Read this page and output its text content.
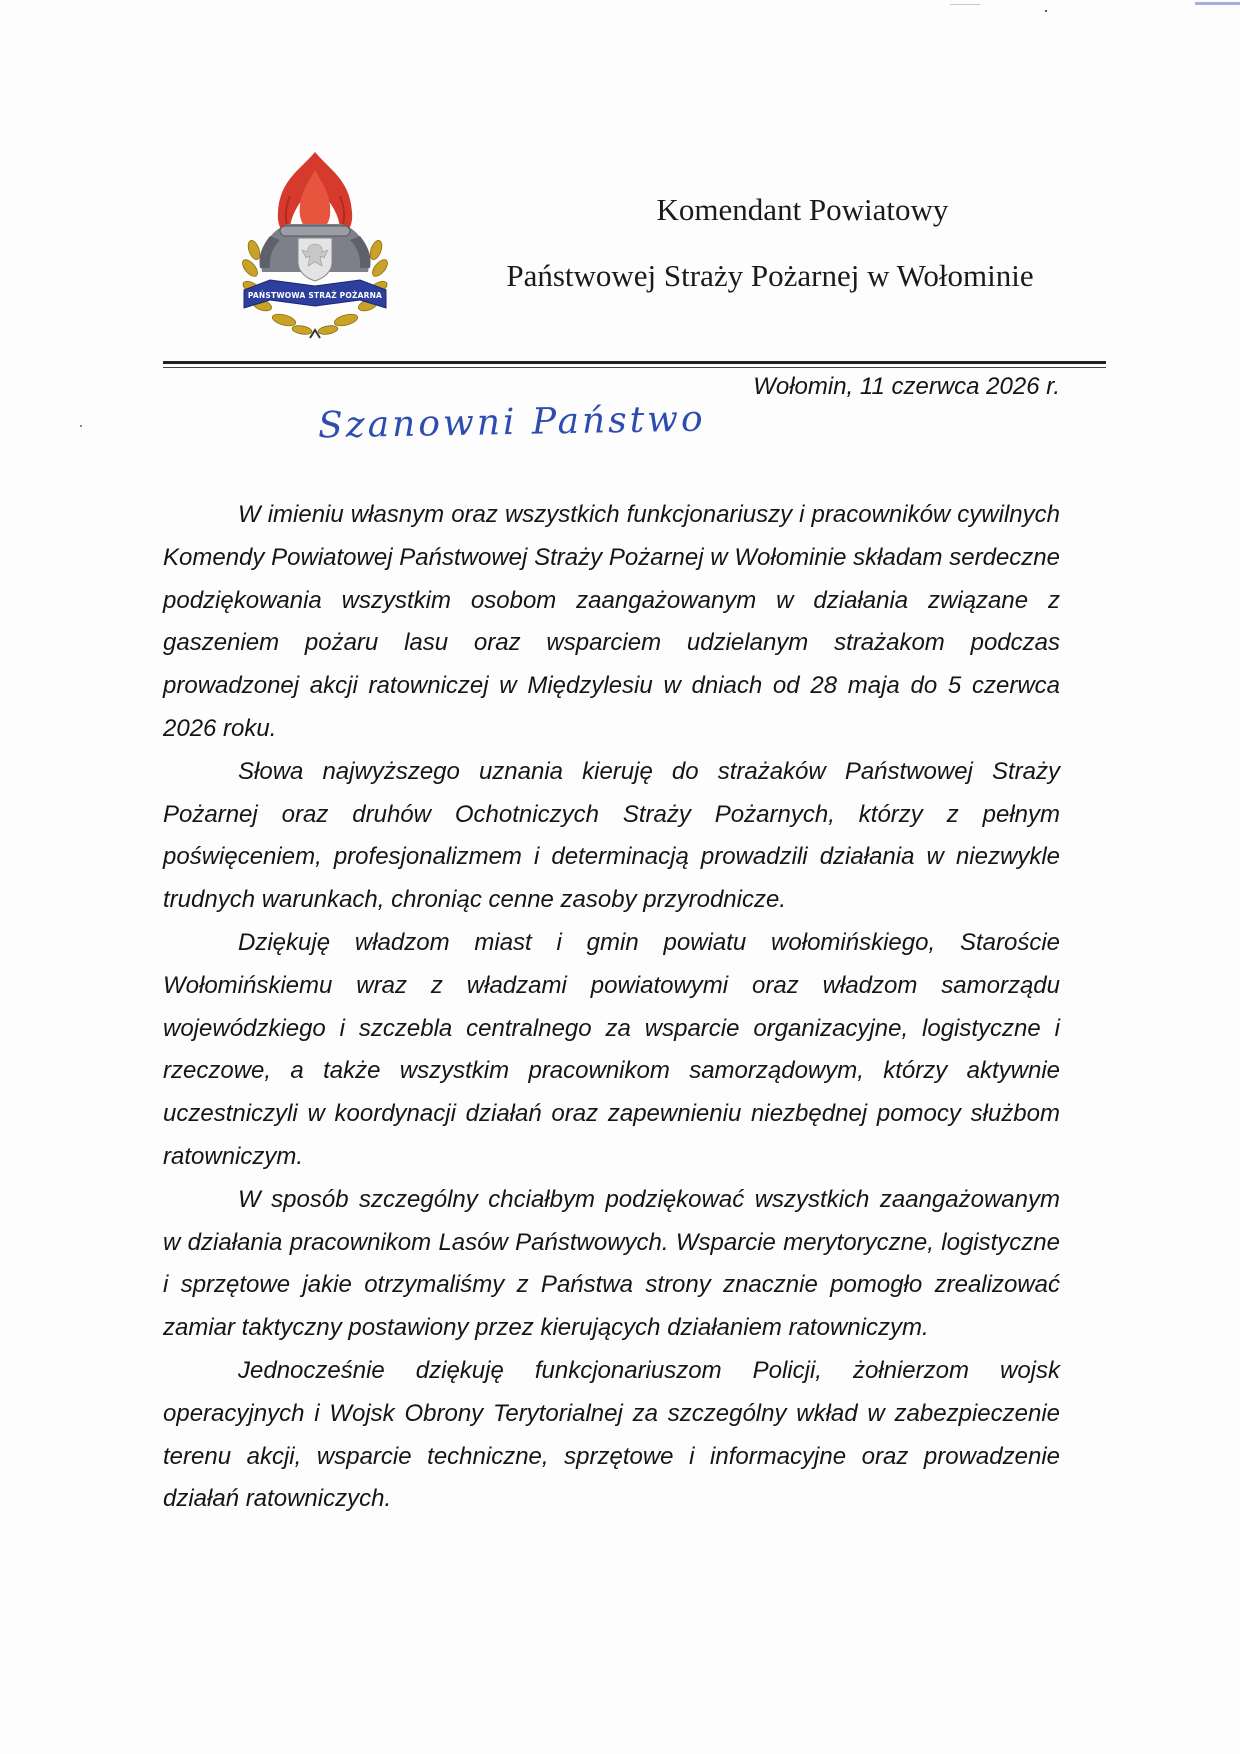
PAŃSTWOWA STRAŻ POŻARNA
Komendant Powiatowy
Państwowej Straży Pożarnej w Wołominie
Wołomin, 11 czerwca 2026 r.
Szanowni Państwo

W imieniu własnym oraz wszystkich funkcjonariuszy i pracowników cywilnych Komendy Powiatowej Państwowej Straży Pożarnej w Wołominie składam serdeczne podziękowania wszystkim osobom zaangażowanym w działania związane z gaszeniem pożaru lasu oraz wsparciem udzielanym strażakom podczas prowadzonej akcji ratowniczej w Międzylesiu w dniach od 28 maja do 5 czerwca 2026 roku.

Słowa najwyższego uznania kieruję do strażaków Państwowej Straży Pożarnej oraz druhów Ochotniczych Straży Pożarnych, którzy z pełnym poświęceniem, profesjonalizmem i determinacją prowadzili działania w niezwykle trudnych warunkach, chroniąc cenne zasoby przyrodnicze.

Dziękuję władzom miast i gmin powiatu wołomińskiego, Staroście Wołomińskiemu wraz z władzami powiatowymi oraz władzom samorządu wojewódzkiego i szczebla centralnego za wsparcie organizacyjne, logistyczne i rzeczowe, a także wszystkim pracownikom samorządowym, którzy aktywnie uczestniczyli w koordynacji działań oraz zapewnieniu niezbędnej pomocy służbom ratowniczym.

W sposób szczególny chciałbym podziękować wszystkich zaangażowanym w działania pracownikom Lasów Państwowych. Wsparcie merytoryczne, logistyczne i sprzętowe jakie otrzymaliśmy z Państwa strony znacznie pomogło zrealizować zamiar taktyczny postawiony przez kierujących działaniem ratowniczym.

Jednocześnie dziękuję funkcjonariuszom Policji, żołnierzom wojsk operacyjnych i Wojsk Obrony Terytorialnej za szczególny wkład w zabezpieczenie terenu akcji, wsparcie techniczne, sprzętowe i informacyjne oraz prowadzenie działań ratowniczych.
